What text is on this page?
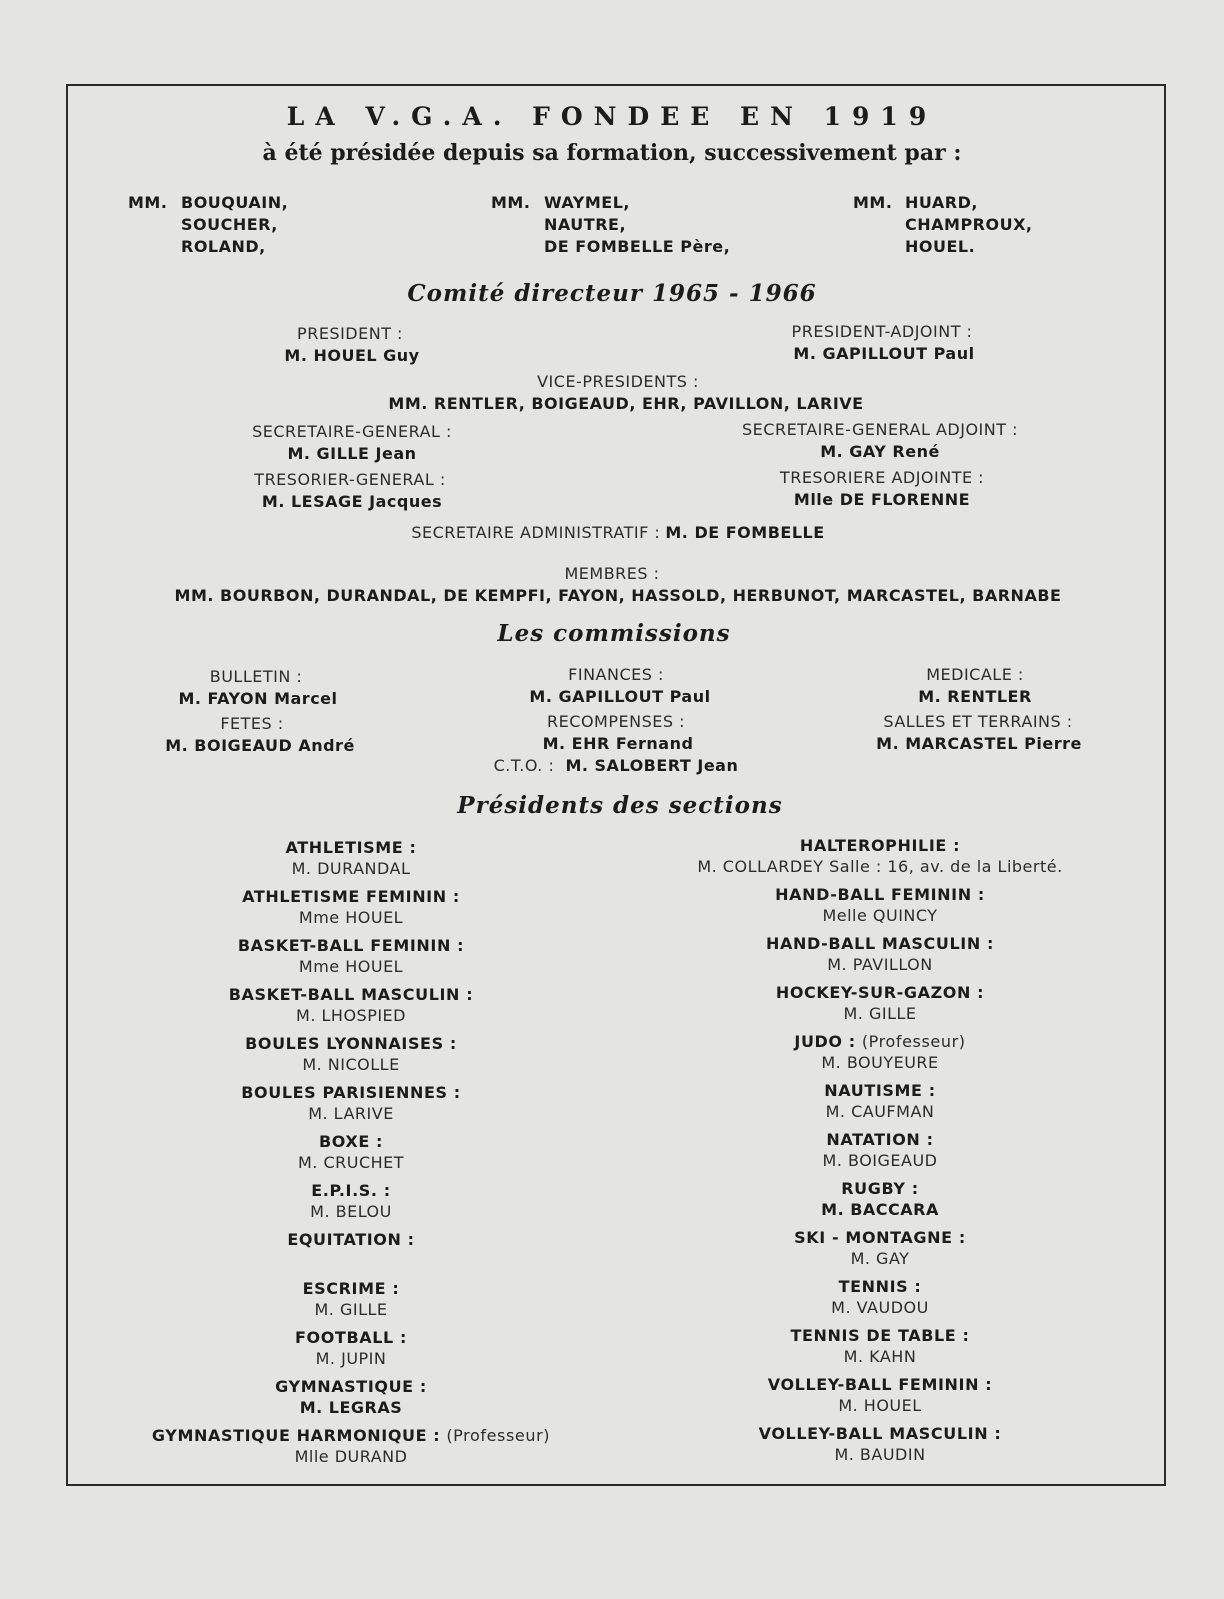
LA V.G.A. FONDEE EN 1919
à été présidée depuis sa formation, successivement par :
MM. BOUQUAIN,
SOUCHER,
ROLAND,
MM. WAYMEL,
NAUTRE,
DE FOMBELLE Père,
MM. HUARD,
CHAMPROUX,
HOUEL.
Comité directeur 1965 - 1966
PRESIDENT :
M. HOUEL Guy
PRESIDENT-ADJOINT :
M. GAPILLOUT Paul
VICE-PRESIDENTS :
MM. RENTLER, BOIGEAUD, EHR, PAVILLON, LARIVE
SECRETAIRE-GENERAL :
M. GILLE Jean
SECRETAIRE-GENERAL ADJOINT :
M. GAY René
TRESORIER-GENERAL :
M. LESAGE Jacques
TRESORIERE ADJOINTE :
Mlle DE FLORENNE
SECRETAIRE ADMINISTRATIF : M. DE FOMBELLE
MEMBRES :
MM. BOURBON, DURANDAL, DE KEMPFI, FAYON, HASSOLD, HERBUNOT, MARCASTEL, BARNABE
Les commissions
BULLETIN :
M. FAYON Marcel
FETES :
M. BOIGEAUD André
FINANCES :
M. GAPILLOUT Paul
RECOMPENSES :
M. EHR Fernand
C.T.O. : M. SALOBERT Jean
MEDICALE :
M. RENTLER
SALLES ET TERRAINS :
M. MARCASTEL Pierre
Présidents des sections
ATHLETISME :
M. DURANDAL
ATHLETISME FEMININ :
Mme HOUEL
BASKET-BALL FEMININ :
Mme HOUEL
BASKET-BALL MASCULIN :
M. LHOSPIED
BOULES LYONNAISES :
M. NICOLLE
BOULES PARISIENNES :
M. LARIVE
BOXE :
M. CRUCHET
E.P.I.S. :
M. BELOU
EQUITATION :
ESCRIME :
M. GILLE
FOOTBALL :
M. JUPIN
GYMNASTIQUE :
M. LEGRAS
GYMNASTIQUE HARMONIQUE : (Professeur)
Mlle DURAND
HALTEROPHILIE :
M. COLLARDEY Salle : 16, av. de la Liberté.
HAND-BALL FEMININ :
Melle QUINCY
HAND-BALL MASCULIN :
M. PAVILLON
HOCKEY-SUR-GAZON :
M. GILLE
JUDO : (Professeur)
M. BOUYEURE
NAUTISME :
M. CAUFMAN
NATATION :
M. BOIGEAUD
RUGBY :
M. BACCARA
SKI - MONTAGNE :
M. GAY
TENNIS :
M. VAUDOU
TENNIS DE TABLE :
M. KAHN
VOLLEY-BALL FEMININ :
M. HOUEL
VOLLEY-BALL MASCULIN :
M. BAUDIN
